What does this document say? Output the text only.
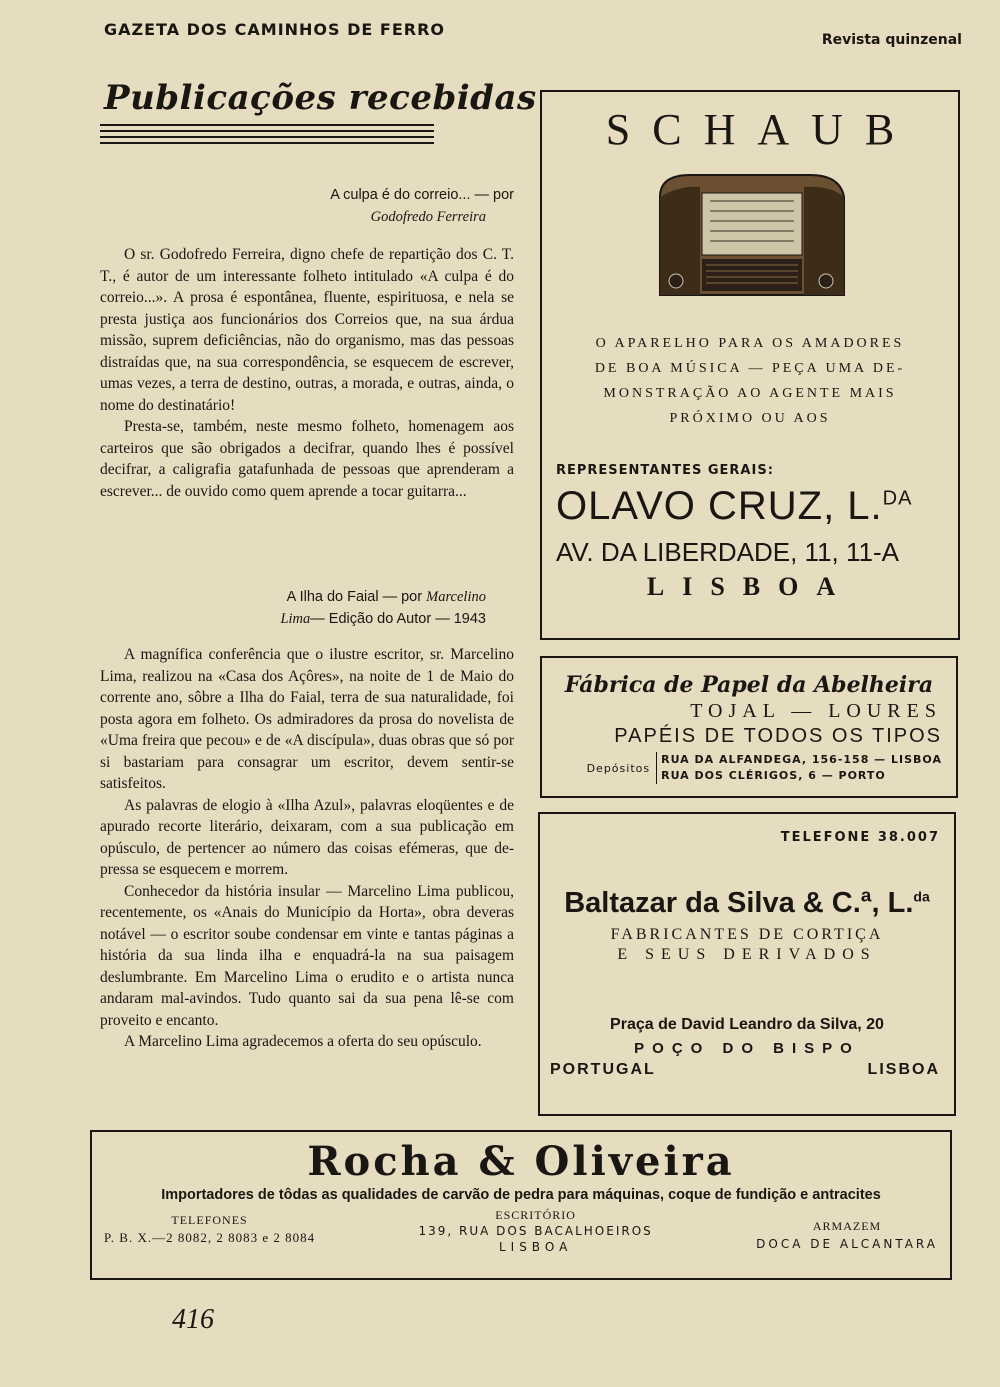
GAZETA DOS CAMINHOS DE FERRO
Revista quinzenal
Publicações recebidas
A culpa é do correio... — por
Godofredo Ferreira

O sr. Godofredo Ferreira, digno chefe de repartição dos C. T. T., é autor de um interessante folheto intitulado «A culpa é do correio...». A prosa é espontânea, fluente, espirituosa, e nela se presta justiça aos funcionários dos Correios que, na sua árdua missão, suprem deficiências, não do organismo, mas das pessoas distraídas que, na sua correspondência, se esquecem de escrever, umas vezes, a terra de destino, outras, a morada, e outras, ainda, o nome do destinatário!

Presta-se, também, neste mesmo folheto, homenagem aos carteiros que são obrigados a decifrar, quando lhes é possível decifrar, a caligrafia gatafunhada de pessoas que aprenderam a escrever... de ouvido como quem aprende a tocar guitarra...

A Ilha do Faial — por Marcelino
Lima— Edição do Autor — 1943

A magnífica conferência que o ilustre escritor, sr. Marcelino Lima, realizou na «Casa dos Açôres», na noite de 1 de Maio do corrente ano, sôbre a Ilha do Faial, terra de sua naturalidade, foi posta agora em folheto. Os admiradores da prosa do novelista de «Uma freira que pecou» e de «A discípula», duas obras que só por si bastariam para consagrar um escritor, devem sentir-se satisfeitos.

As palavras de elogio à «Ilha Azul», palavras eloqüentes e de apurado recorte literário, deixaram, com a sua publicação em opúsculo, de pertencer ao número das coisas efémeras, que de-pressa se esquecem e morrem.

Conhecedor da história insular — Marcelino Lima publicou, recentemente, os «Anais do Município da Horta», obra deveras notável — o escritor soube condensar em vinte e tantas páginas a história da sua linda ilha e enquadrá-la na sua paisagem deslumbrante. Em Marcelino Lima o erudito e o artista nunca andaram mal-avindos. Tudo quanto sai da sua pena lê-se com proveito e encanto.

A Marcelino Lima agradecemos a oferta do seu opúsculo.

SCHAUB
O APARELHO PARA OS AMADORES
DE BOA MÚSICA — PEÇA UMA DE-
MONSTRAÇÃO AO AGENTE MAIS
PRÓXIMO OU AOS
REPRESENTANTES GERAIS:
OLAVO CRUZ, L.$^{DA}$
AV. DA LIBERDADE, 11, 11-A
LISBOA
Fábrica de Papel da Abelheira
TOJAL — LOURES
PAPÉIS DE TODOS OS TIPOS
Depósitos
RUA DA ALFANDEGA, 156-158 — LISBOA
RUA DOS CLÉRIGOS, 6 — PORTO
TELEFONE 38.007
Baltazar da Silva & C.ª, L.$^{da}$
FABRICANTES DE CORTIÇA
E SEUS DERIVADOS
Praça de David Leandro da Silva, 20
POÇO DO BISPO
PORTUGAL	LISBOA
Rocha & Oliveira
Importadores de tôdas as qualidades de carvão de pedra para máquinas, coque de fundição e antracites
TELEFONES
P. B. X.—2 8082, 2 8083 e 2 8084
ESCRITÓRIO
139, RUA DOS BACALHOEIROS
LISBOA
ARMAZEM
DOCA DE ALCANTARA
416
